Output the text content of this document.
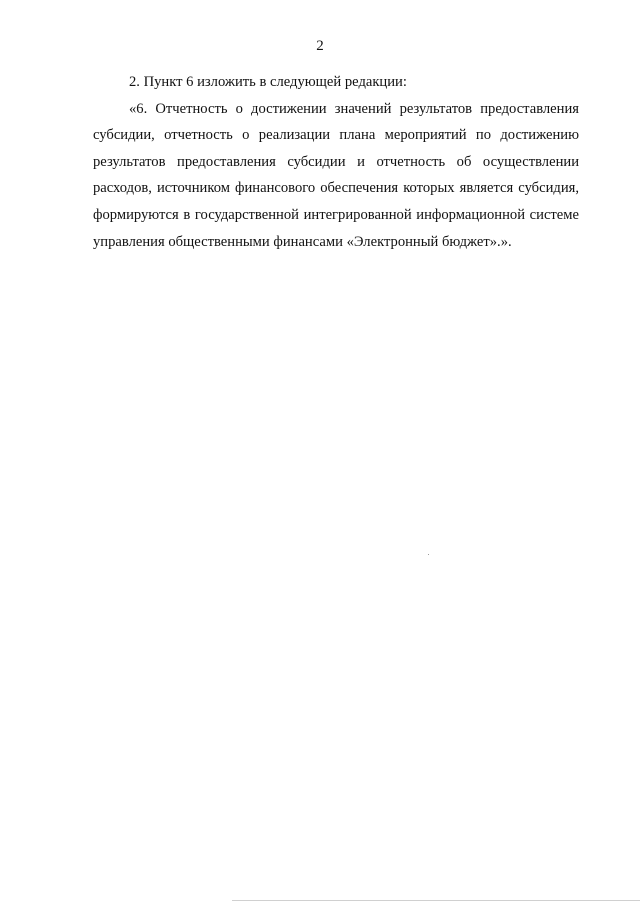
2

2. Пункт 6 изложить в следующей редакции:

«6. Отчетность о достижении значений результатов предоставления субсидии, отчетность о реализации плана мероприятий по достижению результатов предоставления субсидии и отчетность об осуществлении расходов, источником финансового обеспечения которых является субсидия, формируются в государственной интегрированной информационной системе управления общественными финансами «Электронный бюджет».».
